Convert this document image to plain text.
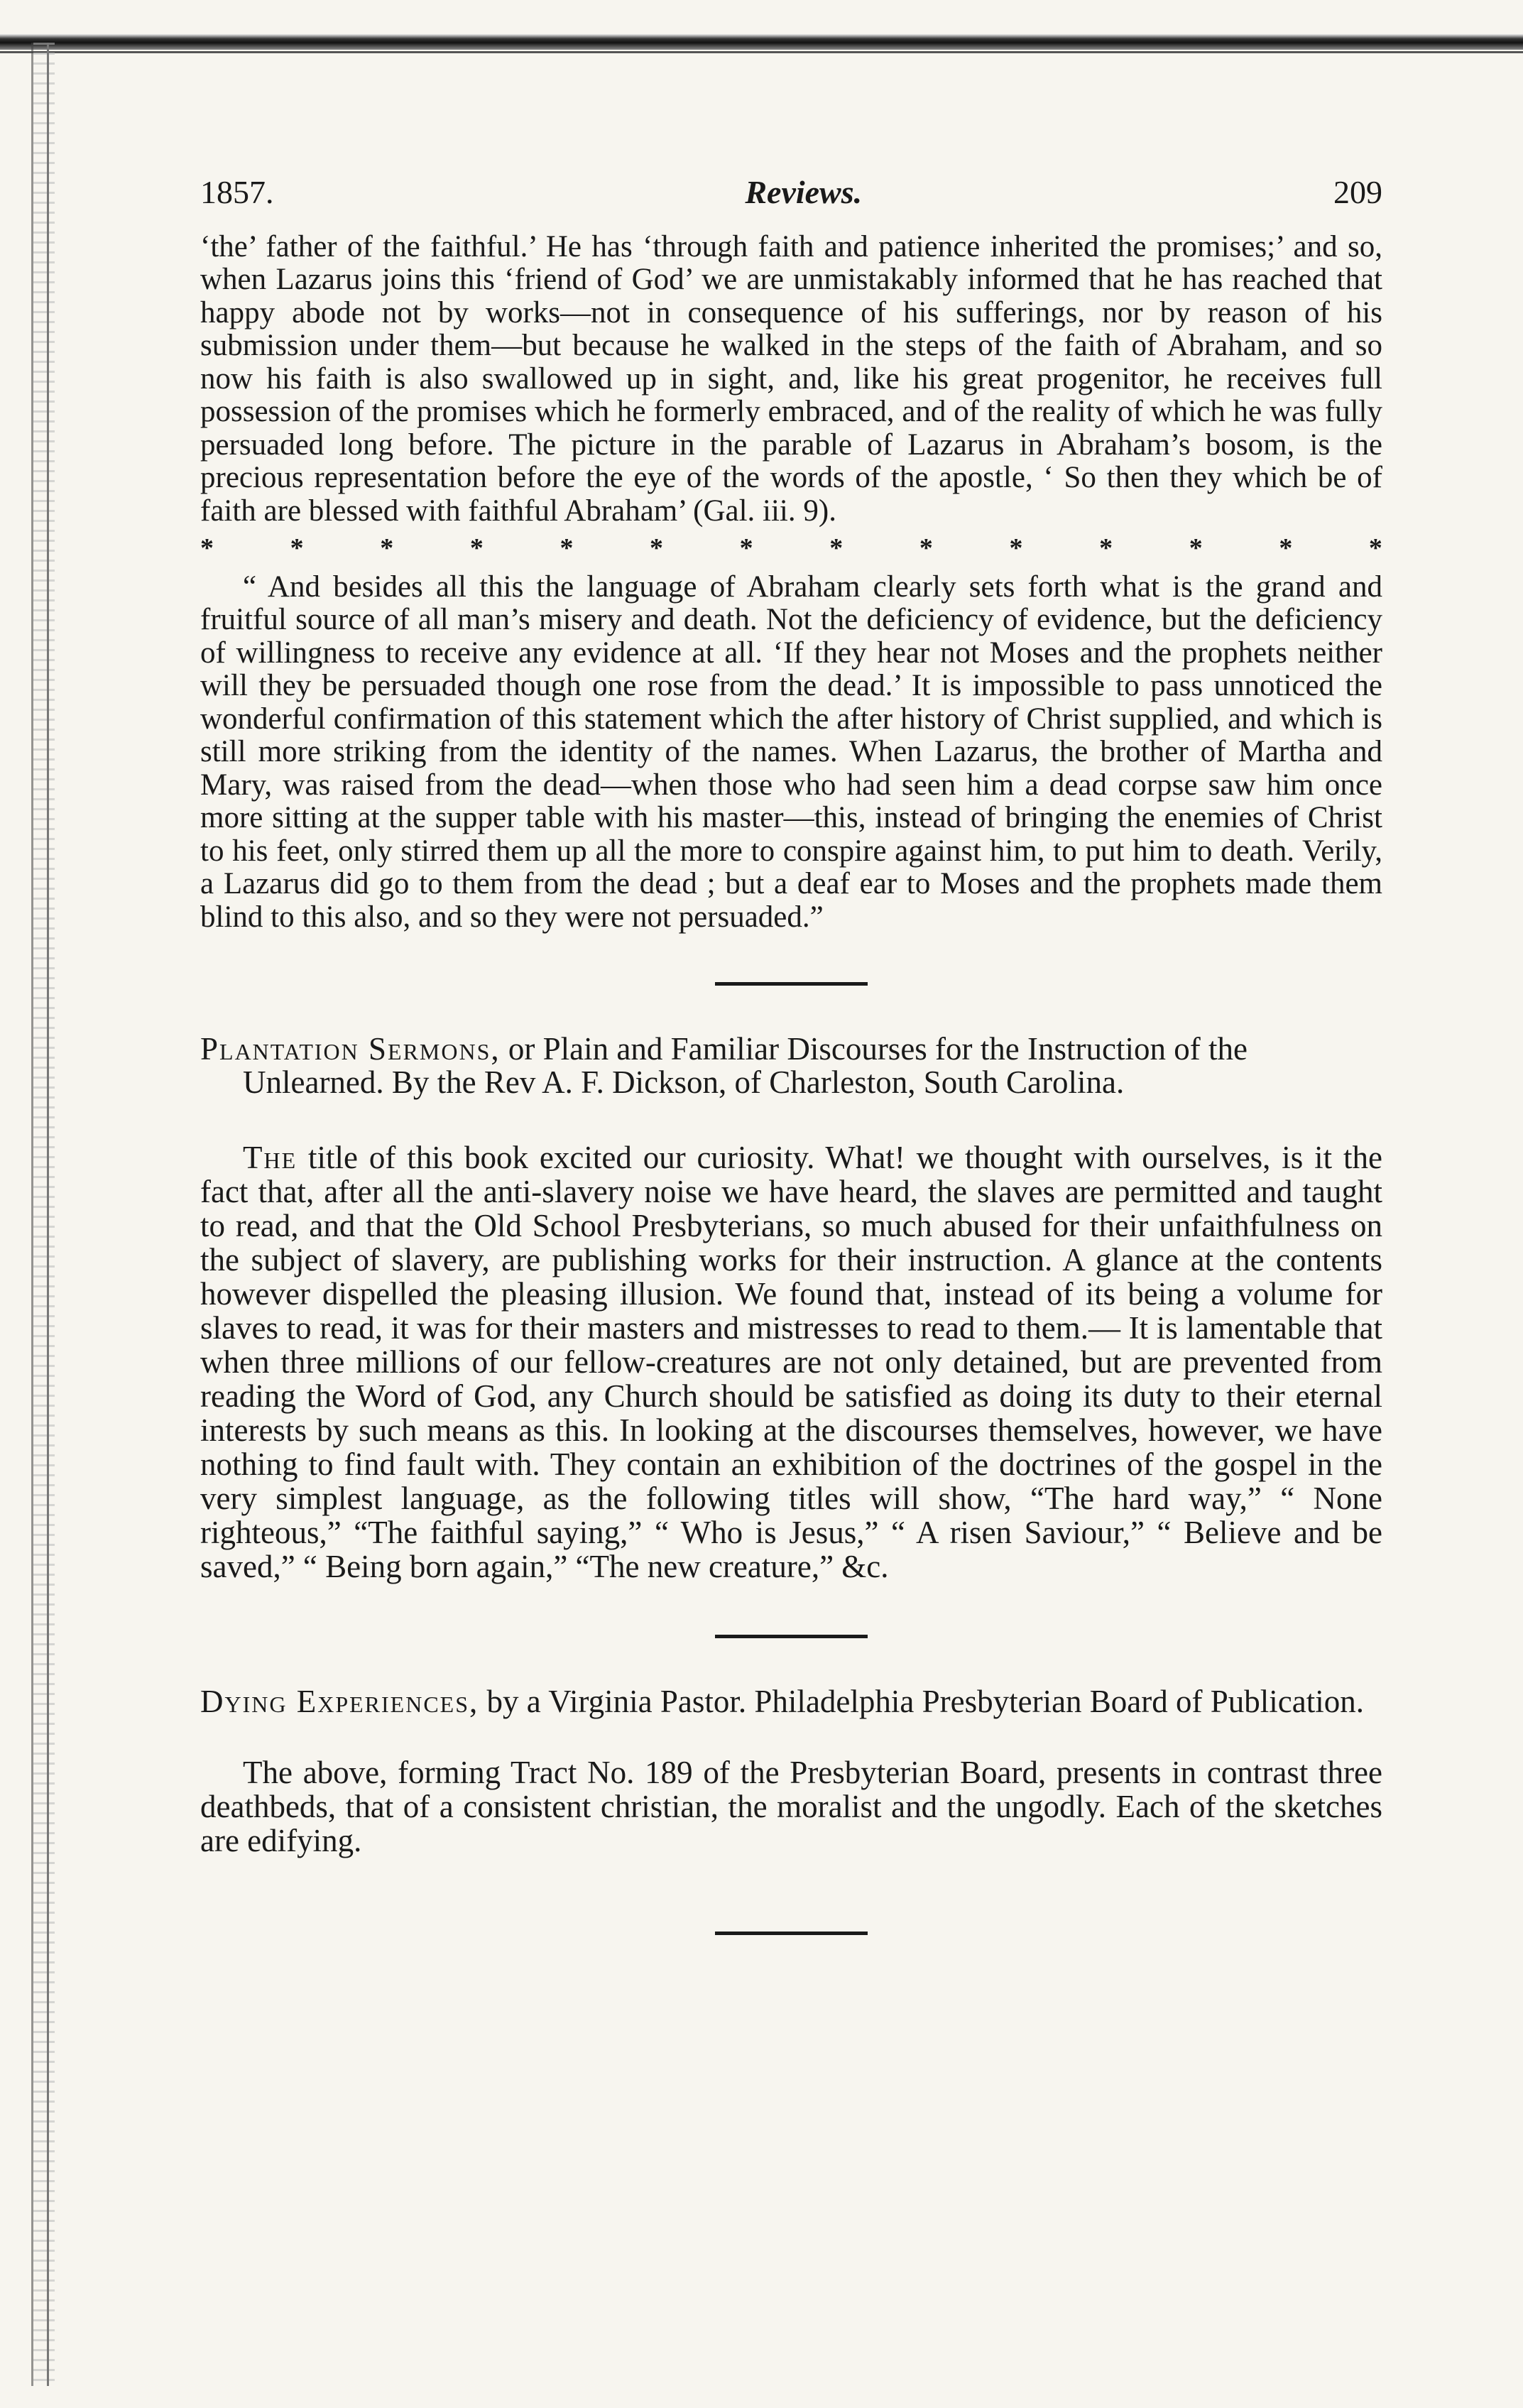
1857.	Reviews.	209

‘the’ father of the faithful.’ He has ‘through faith and patience inherited the promises;’ and so, when Lazarus joins this ‘friend of God’ we are unmistakably informed that he has reached that happy abode not by works—not in consequence of his sufferings, nor by reason of his submission under them—but because he walked in the steps of the faith of Abraham, and so now his faith is also swallowed up in sight, and, like his great progenitor, he receives full possession of the promises which he formerly embraced, and of the reality of which he was fully persuaded long before. The picture in the parable of Lazarus in Abraham’s bosom, is the precious representation before the eye of the words of the apostle, ‘ So then they which be of faith are blessed with faithful Abraham’ (Gal. iii. 9).

*	*	*	*	*	*	*	*	*	*	*	*	*	*

“ And besides all this the language of Abraham clearly sets forth what is the grand and fruitful source of all man’s misery and death. Not the deficiency of evidence, but the deficiency of willingness to receive any evidence at all. ‘If they hear not Moses and the prophets neither will they be persuaded though one rose from the dead.’ It is impossible to pass unnoticed the wonderful confirmation of this statement which the after history of Christ supplied, and which is still more striking from the identity of the names. When Lazarus, the brother of Martha and Mary, was raised from the dead—when those who had seen him a dead corpse saw him once more sitting at the supper table with his master—this, instead of bringing the enemies of Christ to his feet, only stirred them up all the more to conspire against him, to put him to death. Verily, a Lazarus did go to them from the dead ; but a deaf ear to Moses and the prophets made them blind to this also, and so they were not persuaded.”

Plantation Sermons, or Plain and Familiar Discourses for the Instruction of the Unlearned. By the Rev A. F. Dickson, of Charleston, South Carolina.

The title of this book excited our curiosity. What! we thought with ourselves, is it the fact that, after all the anti-slavery noise we have heard, the slaves are permitted and taught to read, and that the Old School Presbyterians, so much abused for their unfaithfulness on the subject of slavery, are publishing works for their instruction. A glance at the contents however dispelled the pleasing illusion. We found that, instead of its being a volume for slaves to read, it was for their masters and mistresses to read to them.— It is lamentable that when three millions of our fellow-creatures are not only detained, but are prevented from reading the Word of God, any Church should be satisfied as doing its duty to their eternal interests by such means as this. In looking at the discourses themselves, however, we have nothing to find fault with. They contain an exhibition of the doctrines of the gospel in the very simplest language, as the following titles will show, “The hard way,” “ None righteous,” “The faithful saying,” “ Who is Jesus,” “ A risen Saviour,” “ Believe and be saved,” “ Being born again,” “The new creature,” &c.

Dying Experiences, by a Virginia Pastor. Philadelphia Presbyterian Board of Publication.

The above, forming Tract No. 189 of the Presbyterian Board, presents in contrast three deathbeds, that of a consistent christian, the moralist and the ungodly. Each of the sketches are edifying.
